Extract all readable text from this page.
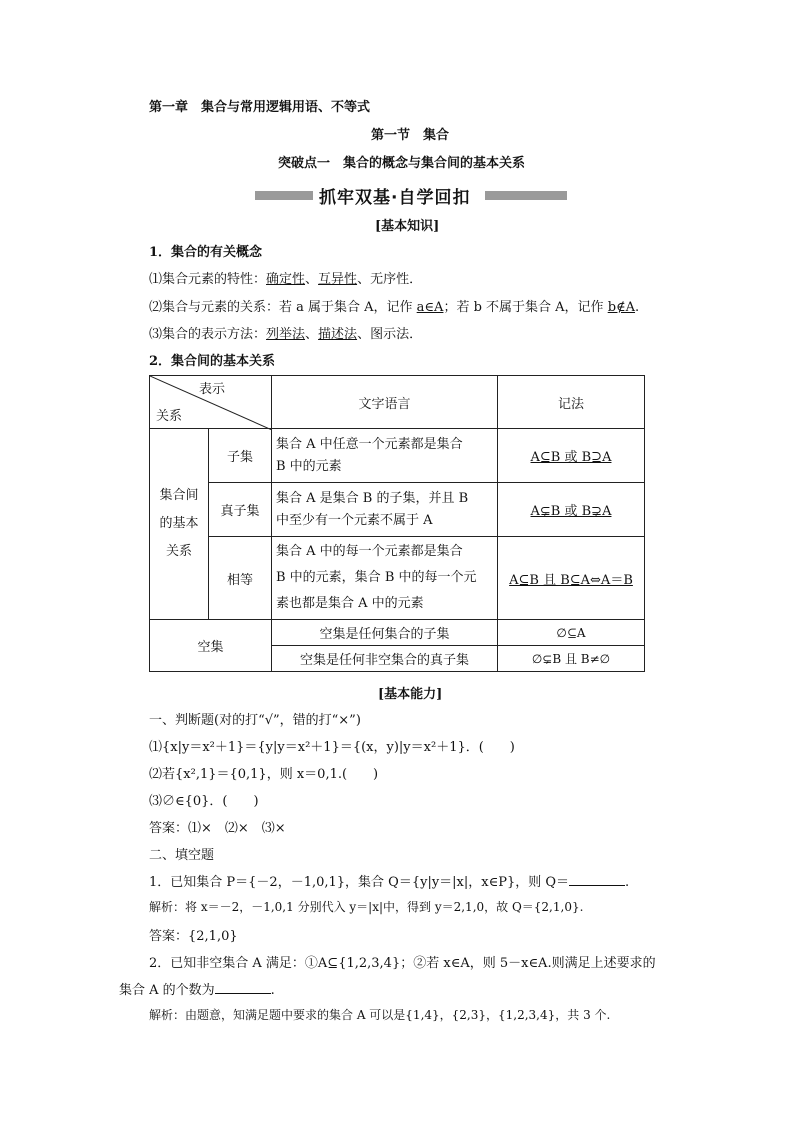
第一章　集合与常用逻辑用语、不等式
第一节　集合
突破点一　集合的概念与集合间的基本关系
抓牢双基·自学回扣
[基本知识]
1．集合的有关概念
⑴集合元素的特性：确定性、互异性、无序性．
⑵集合与元素的关系：若 a 属于集合 A，记作 a∈A；若 b 不属于集合 A，记作 b∉A.
⑶集合的表示方法：列举法、描述法、图示法．
2．集合间的基本关系
表示
关系		文字语言	记法
集合间
的基本
关系	子集	集合 A 中任意一个元素都是集合
B 中的元素	A⊆B 或 B⊇A
	真子集	集合 A 是集合 B 的子集，并且 B
中至少有一个元素不属于 A	A⊊B 或 B⊋A
	相等	集合 A 中的每一个元素都是集合
B 中的元素，集合 B 中的每一个元
素也都是集合 A 中的元素	A⊆B 且 B⊆A⇔A＝B
空集		空集是任何集合的子集	∅⊆A
		空集是任何非空集合的真子集	∅⊊B 且 B≠∅
[基本能力]
一、判断题(对的打“√”，错的打“×”)
⑴{x|y＝x²＋1}＝{y|y＝x²＋1}＝{(x，y)|y＝x²＋1}．(　　)
⑵若{x²,1}＝{0,1}，则 x＝0,1.(　　)
⑶∅∈{0}．(　　)
答案：⑴×　⑵×　⑶×
二、填空题
1．已知集合 P＝{－2，－1,0,1}，集合 Q＝{y|y＝|x|，x∈P}，则 Q＝	.
解析：将 x＝－2，－1,0,1 分别代入 y＝|x|中，得到 y＝2,1,0，故 Q＝{2,1,0}.
答案：{2,1,0}
2．已知非空集合 A 满足：①A⊆{1,2,3,4}；②若 x∈A，则 5－x∈A.则满足上述要求的
集合 A 的个数为	.
解析：由题意，知满足题中要求的集合 A 可以是{1,4}，{2,3}，{1,2,3,4}，共 3 个.
